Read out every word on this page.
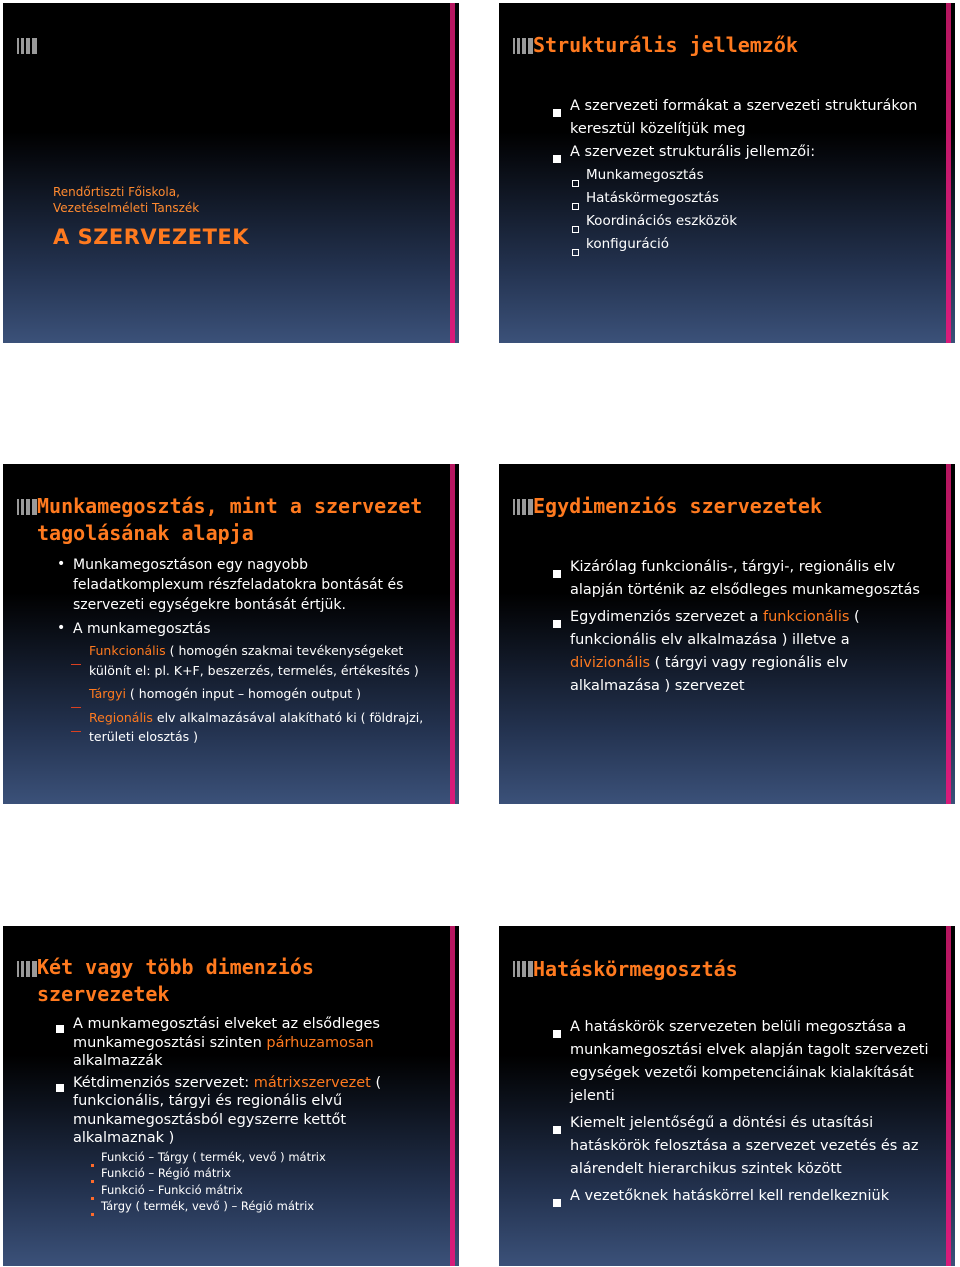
Rendőrtiszti Főiskola,
Vezetéselméleti Tanszék
A SZERVEZETEK
Strukturális jellemzők
A szervezeti formákat a szervezeti strukturákon keresztül közelítjük meg
A szervezet strukturális jellemzői:
Munkamegosztás
Hatáskörmegosztás
Koordinációs eszközök
konfiguráció
Munkamegosztás, mint a szervezet tagolásának alapja
• Munkamegosztáson egy nagyobb feladatkomplexum részfeladatokra bontását és szervezeti egységekre bontását értjük.
• A munkamegosztás
Funkcionális ( homogén szakmai tevékenységeket különít el: pl. K+F, beszerzés, termelés, értékesítés )
Tárgyi ( homogén input – homogén output )
Regionális elv alkalmazásával alakítható ki ( földrajzi, területi elosztás )
Egydimenziós szervezetek
Kizárólag funkcionális-, tárgyi-, regionális elv alapján történik az elsődleges munkamegosztás
Egydimenziós szervezet a funkcionális ( funkcionális elv alkalmazása ) illetve a divizionális ( tárgyi vagy regionális elv alkalmazása ) szervezet
Két vagy több dimenziós szervezetek
A munkamegosztási elveket az elsődleges munkamegosztási szinten párhuzamosan alkalmazzák
Kétdimenziós szervezet: mátrixszervezet ( funkcionális, tárgyi és regionális elvű munkamegosztásból egyszerre kettőt alkalmaznak )
Funkció – Tárgy ( termék, vevő ) mátrix
Funkció – Régió mátrix
Funkció – Funkció mátrix
Tárgy ( termék, vevő ) – Régió mátrix
Hatáskörmegosztás
A hatáskörök szervezeten belüli megosztása a munkamegosztási elvek alapján tagolt szervezeti egységek vezetői kompetenciáinak kialakítását jelenti
Kiemelt jelentőségű a döntési és utasítási hatáskörök felosztása a szervezet vezetés és az alárendelt hierarchikus szintek között
A vezetőknek hatáskörrel kell rendelkezniük
